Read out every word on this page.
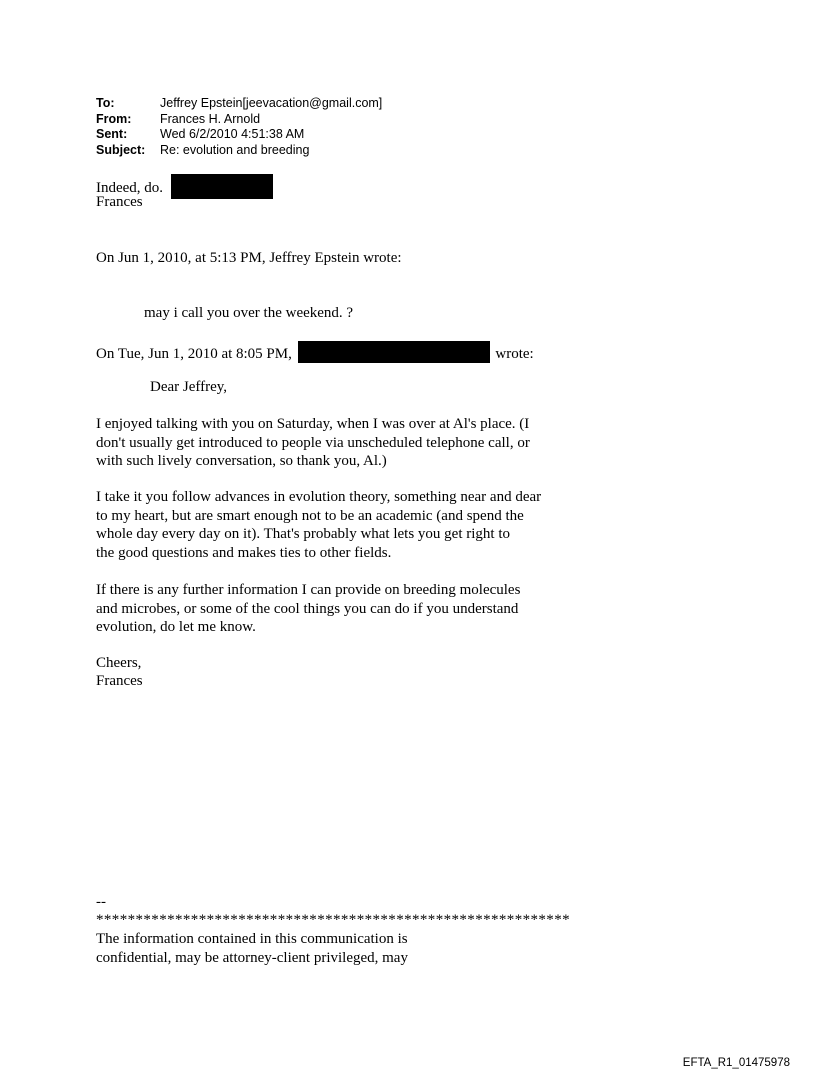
To:	Jeffrey Epstein[jeevacation@gmail.com]
From:	Frances H. Arnold
Sent:	Wed 6/2/2010 4:51:38 AM
Subject:	Re: evolution and breeding
Indeed, do.
Frances
On Jun 1, 2010, at 5:13 PM, Jeffrey Epstein wrote:
may i call you over the weekend. ?
On Tue, Jun 1, 2010 at 8:05 PM,	wrote:
Dear Jeffrey,
I enjoyed talking with you on Saturday, when I was over at Al's place. (I
don't usually get introduced to people via unscheduled telephone call, or
with such lively conversation, so thank you, Al.)
I take it you follow advances in evolution theory, something near and dear
to my heart, but are smart enough not to be an academic (and spend the
whole day every day on it). That's probably what lets you get right to
the good questions and makes ties to other fields.
If there is any further information I can provide on breeding molecules
and microbes, or some of the cool things you can do if you understand
evolution, do let me know.
Cheers,
Frances
--
************************************************************
The information contained in this communication is
confidential, may be attorney-client privileged, may
EFTA_R1_01475978
